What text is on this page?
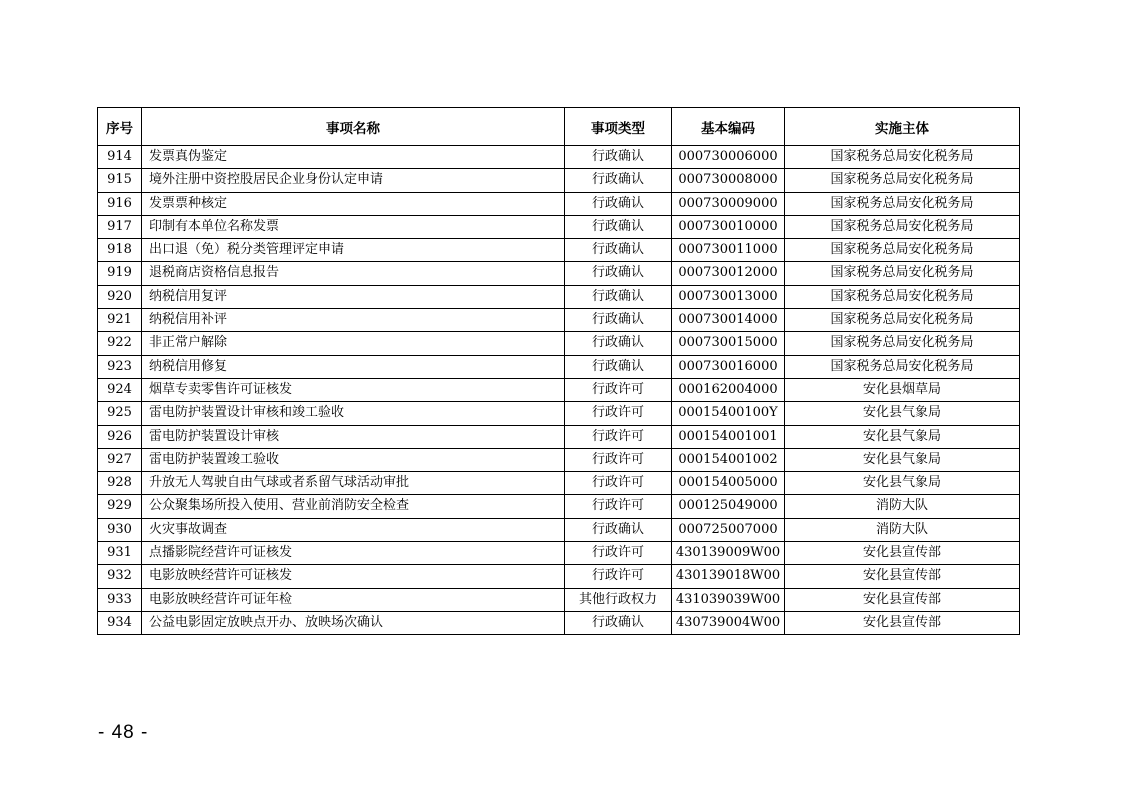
序号	事项名称	事项类型	基本编码	实施主体
914	发票真伪鉴定	行政确认	000730006000	国家税务总局安化税务局
915	境外注册中资控股居民企业身份认定申请	行政确认	000730008000	国家税务总局安化税务局
916	发票票种核定	行政确认	000730009000	国家税务总局安化税务局
917	印制有本单位名称发票	行政确认	000730010000	国家税务总局安化税务局
918	出口退（免）税分类管理评定申请	行政确认	000730011000	国家税务总局安化税务局
919	退税商店资格信息报告	行政确认	000730012000	国家税务总局安化税务局
920	纳税信用复评	行政确认	000730013000	国家税务总局安化税务局
921	纳税信用补评	行政确认	000730014000	国家税务总局安化税务局
922	非正常户解除	行政确认	000730015000	国家税务总局安化税务局
923	纳税信用修复	行政确认	000730016000	国家税务总局安化税务局
924	烟草专卖零售许可证核发	行政许可	000162004000	安化县烟草局
925	雷电防护装置设计审核和竣工验收	行政许可	00015400100Y	安化县气象局
926	雷电防护装置设计审核	行政许可	000154001001	安化县气象局
927	雷电防护装置竣工验收	行政许可	000154001002	安化县气象局
928	升放无人驾驶自由气球或者系留气球活动审批	行政许可	000154005000	安化县气象局
929	公众聚集场所投入使用、营业前消防安全检查	行政许可	000125049000	消防大队
930	火灾事故调查	行政确认	000725007000	消防大队
931	点播影院经营许可证核发	行政许可	430139009W00	安化县宣传部
932	电影放映经营许可证核发	行政许可	430139018W00	安化县宣传部
933	电影放映经营许可证年检	其他行政权力	431039039W00	安化县宣传部
934	公益电影固定放映点开办、放映场次确认	行政确认	430739004W00	安化县宣传部
- 48 -
